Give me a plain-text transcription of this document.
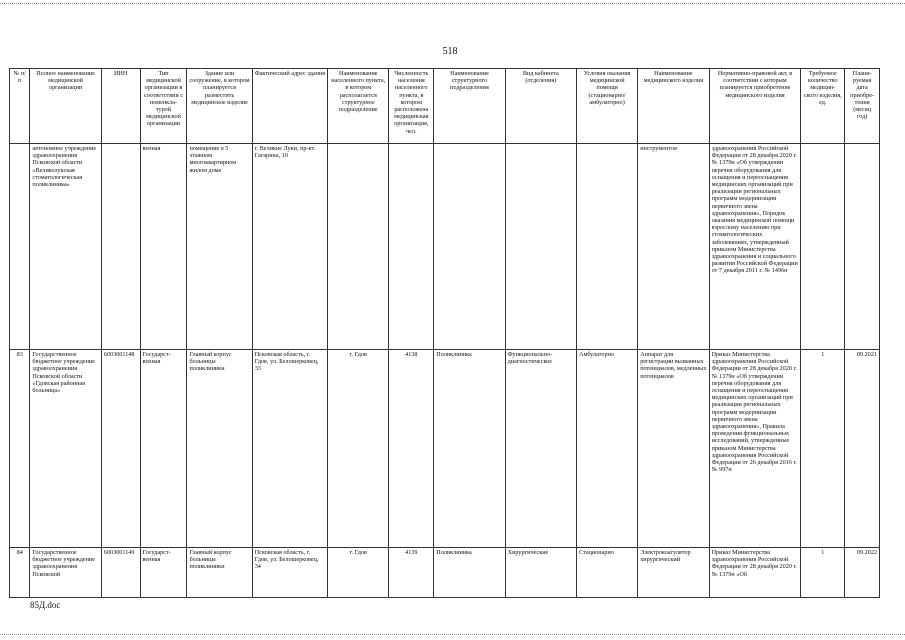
518
№ п/п	Полное наименование медицинской организации	ИНН	Тип медицинской организации в соответствии с номенкла-турой медицинской организации	Здание или сооружение, в котором планируется разместить медицинское изделие	Фактический адрес здания	Наименование населенного пункта, в котором располагается структурное подразделение	Численность населения населенного пункта, в котором расположена медицинская организация, чел.	Наименование структурного подразделения	Вид кабинета (отделения)	Условия оказания медицинской помощи (стационарно/ амбулаторно)	Наименование медицинского изделия	Нормативно-правовой акт, в соответствии с которым планируется приобретение медицинского изделия	Требуемое количество медицин-ского изделия, ед.	Плани-руемая дата приобре-тения (месяц год)
	автономное учреждение здравоохранения Псковской области «Великолукская стоматологическая поликлиника»		венная	помещение в 5 этажном многоквартирном жилом доме	г. Великие Луки, пр-кт. Гагарина, 10						инструментов	здравоохранения Российской Федерации от 28 декабря 2020 г. № 1379н «Об утверждении перечня оборудования для оснащения и переоснащения медицинских организаций при реализации региональных программ модернизации первичного звена здравоохранения», Порядок оказания медицинской помощи взрослому населению при стоматологических заболеваниях, утвержденный приказом Министерства здравоохранения и социального развития Российской Федерации от 7 декабря 2011 г. № 1496н		
83	Государственное бюджетное учреждение здравоохранения Псковской области «Гдовская районная больница»	6003001148	Государст-венная	Главный корпус больницы поликлиники	Псковская область, г. Гдов, ул. Белошерковец, 33	г. Гдов	4138	Поликлиника	Функционально-диагностическое	Амбулаторно	Аппарат для регистрации вызванных потенциалов, медленных потенциалов	Приказ Министерства здравоохранения Российской Федерации от 28 декабря 2020 г. № 1379н «Об утверждении перечня оборудования для оснащения и переоснащения медицинских организаций при реализации региональных программ модернизации первичного звена здравоохранения», Правила проведения функциональных исследований, утвержденные приказом Министерства здравоохранения Российской Федерации от 26 декабря 2016 г. № 997н	1	09.2021
84	Государственное бюджетное учреждение здравоохранения Псковской	6003001149	Государст-венная	Главный корпус больницы поликлиники	Псковская область, г. Гдов, ул. Белошерковец, 34	г. Гдов	4139	Поликлиника	Хирургические	Стационарно	Электрокоагулятор хирургический	Приказ Министерства здравоохранения Российской Федерации от 28 декабря 2020 г. № 1379н «Об	1	09.2022
85Д.doc
